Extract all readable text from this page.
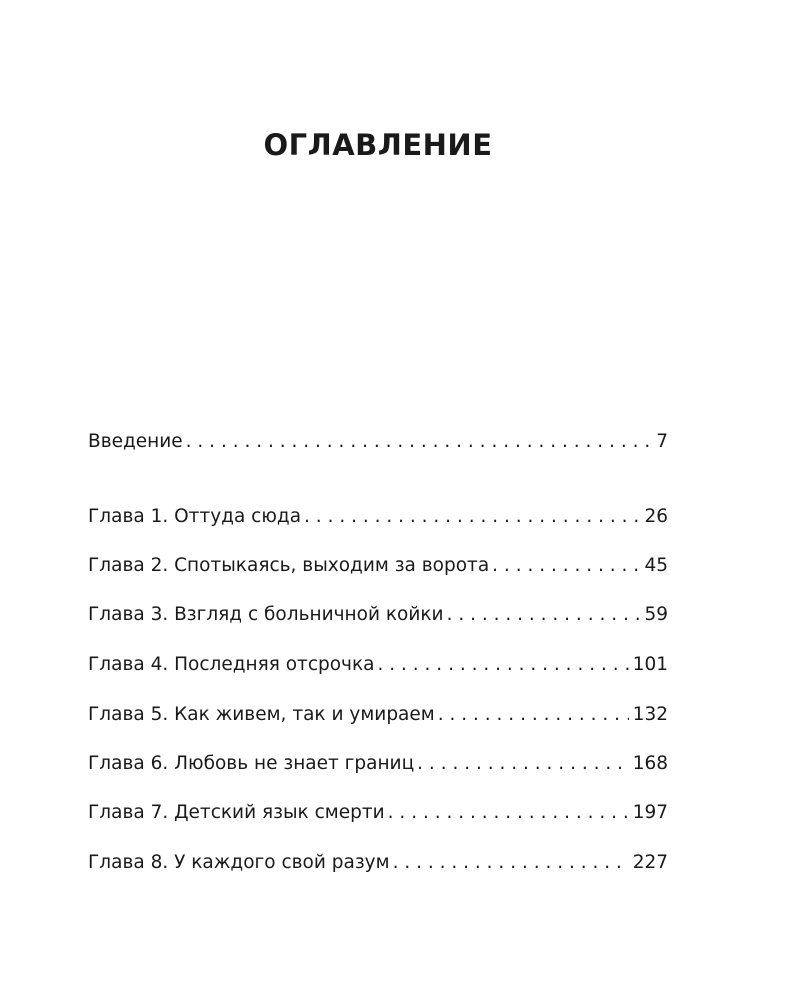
ОГЛАВЛЕНИЕ
Введение . . .	7
Глава 1. Оттуда сюда . . .	26
Глава 2. Спотыкаясь, выходим за ворота . . .	45
Глава 3. Взгляд с больничной койки . . .	59
Глава 4. Последняя отсрочка . . .	101
Глава 5. Как живем, так и умираем . . .	132
Глава 6. Любовь не знает границ . . .	168
Глава 7. Детский язык смерти . . .	197
Глава 8. У каждого свой разум . . .	227
